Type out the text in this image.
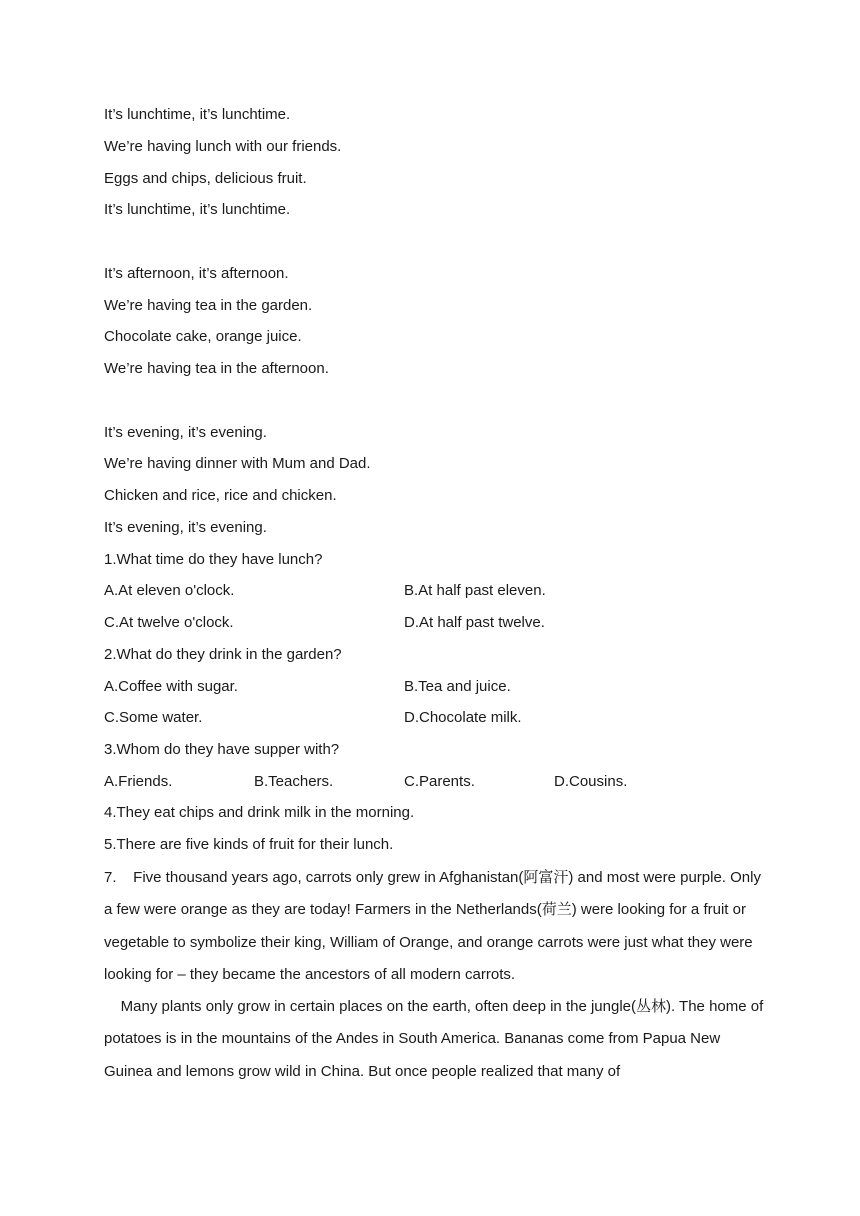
It’s lunchtime, it’s lunchtime.
We’re having lunch with our friends.
Eggs and chips, delicious fruit.
It’s lunchtime, it’s lunchtime.
It’s afternoon, it’s afternoon.
We’re having tea in the garden.
Chocolate cake, orange juice.
We’re having tea in the afternoon.
It’s evening, it’s evening.
We’re having dinner with Mum and Dad.
Chicken and rice, rice and chicken.
It’s evening, it’s evening.
1.What time do they have lunch?
A.At eleven o'clock.	B.At half past eleven.
C.At twelve o'clock.	D.At half past twelve.
2.What do they drink in the garden?
A.Coffee with sugar.	B.Tea and juice.
C.Some water.	D.Chocolate milk.
3.Whom do they have supper with?
A.Friends.	B.Teachers.	C.Parents.	D.Cousins.
4.They eat chips and drink milk in the morning.
5.There are five kinds of fruit for their lunch.

7.    Five thousand years ago, carrots only grew in Afghanistan(阿富汗) and most were purple. Only a few were orange as they are today! Farmers in the Netherlands(荷兰) were looking for a fruit or vegetable to symbolize their king, William of Orange, and orange carrots were just what they were looking for – they became the ancestors of all modern carrots.

Many plants only grow in certain places on the earth, often deep in the jungle(丛林). The home of potatoes is in the mountains of the Andes in South America. Bananas come from Papua New Guinea and lemons grow wild in China. But once people realized that many of
